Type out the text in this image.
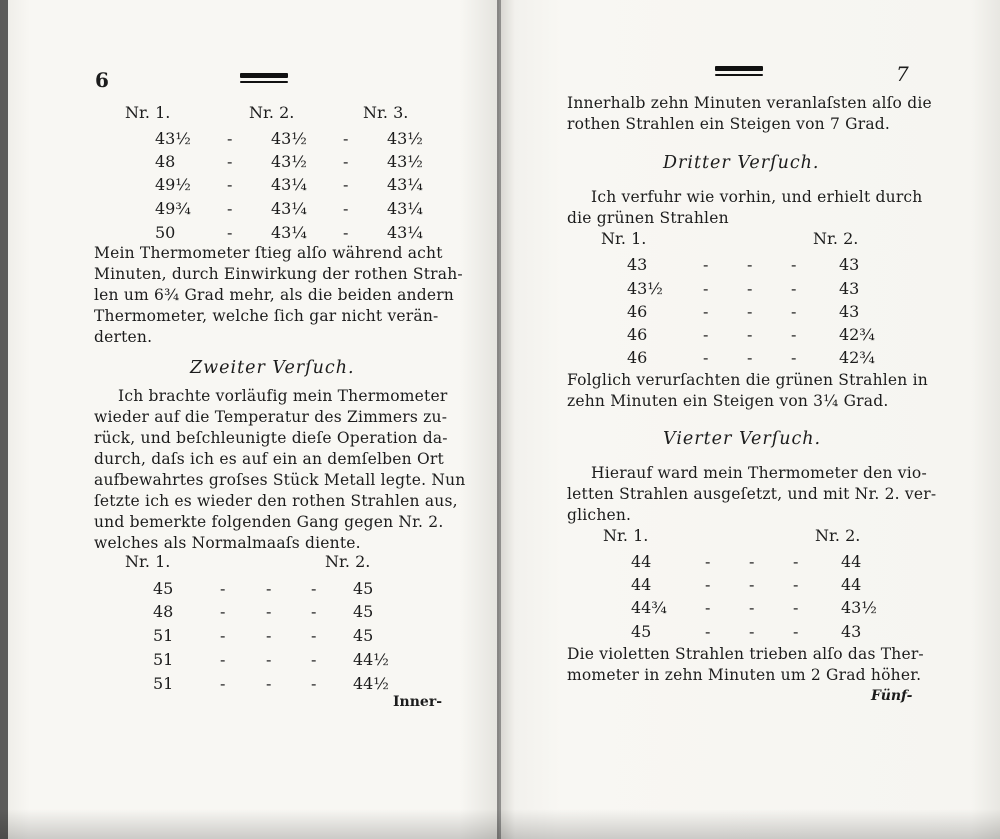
6
Nr. 1.	Nr. 2.	Nr. 3.
43½ - 43½ - 43½
48	- 43½ - 43½
49½ - 43¼ - 43¼
49¾ - 43¼ - 43¼
50	- 43¼ - 43¼
Mein Thermometer ſtieg alſo während acht
Minuten, durch Einwirkung der rothen Strah-
len um 6¾ Grad mehr, als die beiden andern
Thermometer, welche ſich gar nicht verän-
derten.
Zweiter Verſuch.
Ich brachte vorläufig mein Thermometer
wieder auf die Temperatur des Zimmers zu-
rück, und beſchleunigte dieſe Operation da-
durch, daſs ich es auf ein an demſelben Ort
aufbewahrtes groſses Stück Metall legte. Nun
ſetzte ich es wieder den rothen Strahlen aus,
und bemerkte folgenden Gang gegen Nr. 2.
welches als Normalmaaſs diente.
Nr. 1.	Nr. 2.
45	-	- - 45
48	-	- - 45
51	-	- - 45
51	-	- - 44½
51	-	- - 44½
Inner-
7
Innerhalb zehn Minuten veranlaſsten alſo die
rothen Strahlen ein Steigen von 7 Grad.
Dritter Verſuch.
Ich verfuhr wie vorhin, und erhielt durch
die grünen Strahlen
Nr. 1.	Nr. 2.
43	- - -	43
43½	- - -	43
46	- - -	43
46	- - -	42¾
46	- - -	42¾
Folglich verurſachten die grünen Strahlen in
zehn Minuten ein Steigen von 3¼ Grad.
Vierter Verſuch.
Hierauf ward mein Thermometer den vio-
letten Strahlen ausgeſetzt, und mit Nr. 2. ver-
glichen.
Nr. 1.	Nr. 2.
44	- - -	44
44	- - -	44
44¾ - - -	43½
45	- - -	43
Die violetten Strahlen trieben alſo das Ther-
mometer in zehn Minuten um 2 Grad höher.
Fünf-
